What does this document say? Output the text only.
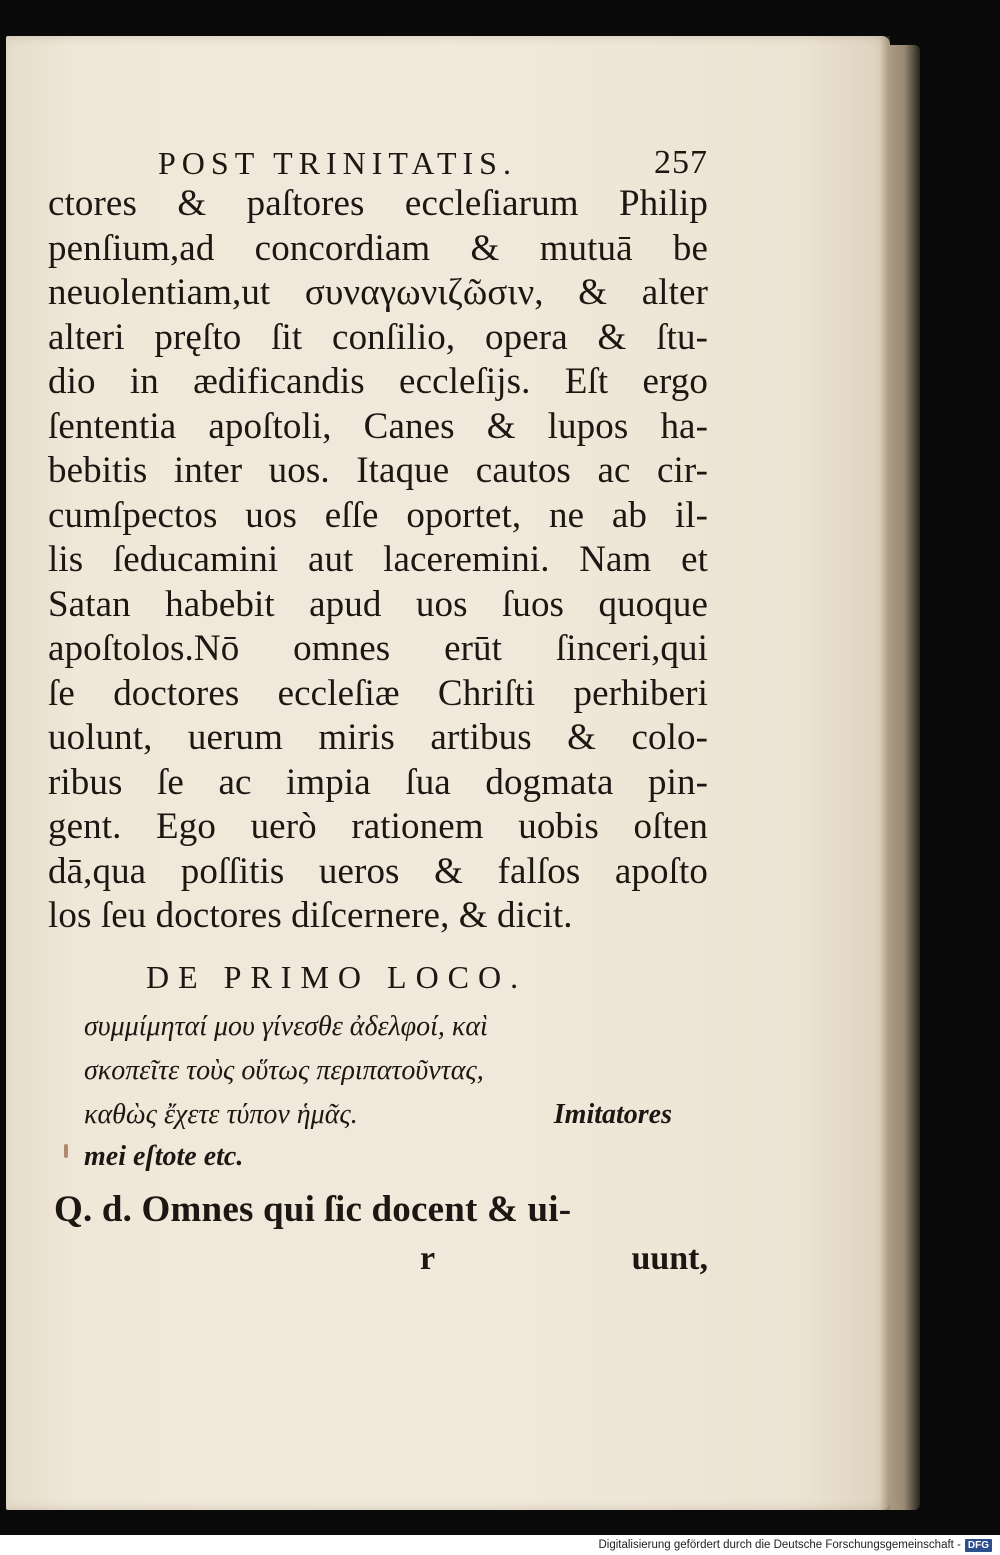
POST TRINITATIS.	257
ctores & paſtores eccleſiarum Philip
penſium,ad concordiam & mutuā be
neuolentiam,ut συναγωνιζῶσιν, & alter
alteri pręſto ſit conſilio, opera & ſtu-
dio in ædificandis eccleſijs. Eſt ergo
ſententia apoſtoli, Canes & lupos ha-
bebitis inter uos. Itaque cautos ac cir-
cumſpectos uos eſſe oportet, ne ab il-
lis ſeducamini aut laceremini. Nam et
Satan habebit apud uos ſuos quoque
apoſtolos.Nō omnes erūt ſinceri,qui
ſe doctores eccleſiæ Chriſti perhiberi
uolunt, uerum miris artibus & colo-
ribus ſe ac impia ſua dogmata pin-
gent. Ego uerò rationem uobis oſten
dā,qua poſſitis ueros & falſos apoſto
los ſeu doctores diſcernere, & dicit.
DE PRIMO LOCO.
συμμίμηταί μου γίνεσθε ἀδελφοί, καὶ
σκοπεῖτε τοὺς οὕτως περιπατοῦντας,
καθὼς ἔχετε τύπον ἡμᾶς.	Imitatores
mei eſtote etc.
Q. d. Omnes qui ſic docent & ui-
r	uunt,
Digitalisierung gefördert durch die Deutsche Forschungsgemeinschaft - DFG
